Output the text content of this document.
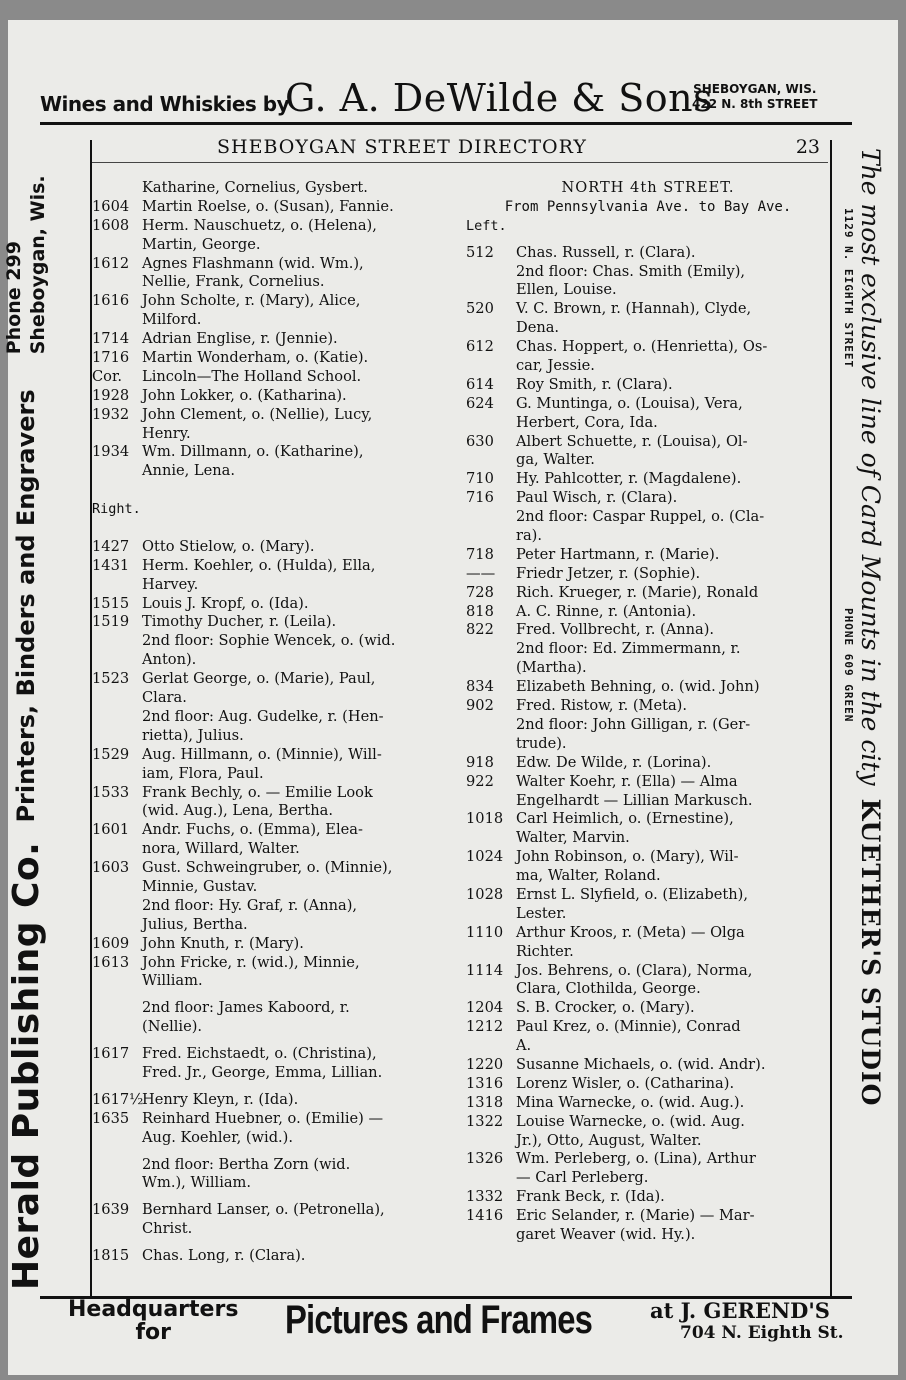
Wines and Whiskies by
G. A. DeWilde & Sons
SHEBOYGAN, WIS.
422 N. 8th STREET
SHEBOYGAN STREET DIRECTORY	23
Katharine, Cornelius, Gysbert.
1604 Martin Roelse, o. (Susan), Fannie.
1608 Herm. Nauschuetz, o. (Helena),
Martin, George.
1612 Agnes Flashmann (wid. Wm.),
Nellie, Frank, Cornelius.
1616 John Scholte, r. (Mary), Alice,
Milford.
1714 Adrian Englise, r. (Jennie).
1716 Martin Wonderham, o. (Katie).
Cor. Lincoln—The Holland School.
1928 John Lokker, o. (Katharina).
1932 John Clement, o. (Nellie), Lucy,
Henry.
1934 Wm. Dillmann, o. (Katharine),
Annie, Lena.
Right.
1427 Otto Stielow, o. (Mary).
1431 Herm. Koehler, o. (Hulda), Ella,
Harvey.
1515 Louis J. Kropf, o. (Ida).
1519 Timothy Ducher, r. (Leila).
2nd floor: Sophie Wencek, o. (wid.
Anton).
1523 Gerlat George, o. (Marie), Paul,
Clara.
2nd floor: Aug. Gudelke, r. (Hen-
rietta), Julius.
1529 Aug. Hillmann, o. (Minnie), Will-
iam, Flora, Paul.
1533 Frank Bechly, o. — Emilie Look
(wid. Aug.), Lena, Bertha.
1601 Andr. Fuchs, o. (Emma), Elea-
nora, Willard, Walter.
1603 Gust. Schweingruber, o. (Minnie),
Minnie, Gustav.
2nd floor: Hy. Graf, r. (Anna),
Julius, Bertha.
1609 John Knuth, r. (Mary).
1613 John Fricke, r. (wid.), Minnie,
William.
2nd floor: James Kaboord, r.
(Nellie).
1617 Fred. Eichstaedt, o. (Christina),
Fred. Jr., George, Emma, Lillian.
1617½Henry Kleyn, r. (Ida).
1635 Reinhard Huebner, o. (Emilie) —
Aug. Koehler, (wid.).
2nd floor: Bertha Zorn (wid.
Wm.), William.
1639 Bernhard Lanser, o. (Petronella),
Christ.
1815 Chas. Long, r. (Clara).
NORTH 4th STREET.
From Pennsylvania Ave. to Bay Ave.
Left.
512 Chas. Russell, r. (Clara).
2nd floor: Chas. Smith (Emily),
Ellen, Louise.
520 V. C. Brown, r. (Hannah), Clyde,
Dena.
612 Chas. Hoppert, o. (Henrietta), Os-
car, Jessie.
614 Roy Smith, r. (Clara).
624 G. Muntinga, o. (Louisa), Vera,
Herbert, Cora, Ida.
630 Albert Schuette, r. (Louisa), Ol-
ga, Walter.
710 Hy. Pahlcotter, r. (Magdalene).
716 Paul Wisch, r. (Clara).
2nd floor: Caspar Ruppel, o. (Cla-
ra).
718 Peter Hartmann, r. (Marie).
—— Friedr Jetzer, r. (Sophie).
728 Rich. Krueger, r. (Marie), Ronald
818 A. C. Rinne, r. (Antonia).
822 Fred. Vollbrecht, r. (Anna).
2nd floor: Ed. Zimmermann, r.
(Martha).
834 Elizabeth Behning, o. (wid. John)
902 Fred. Ristow, r. (Meta).
2nd floor: John Gilligan, r. (Ger-
trude).
918 Edw. De Wilde, r. (Lorina).
922 Walter Koehr, r. (Ella) — Alma
Engelhardt — Lillian Markusch.
1018 Carl Heimlich, o. (Ernestine),
Walter, Marvin.
1024 John Robinson, o. (Mary), Wil-
ma, Walter, Roland.
1028 Ernst L. Slyfield, o. (Elizabeth),
Lester.
1110 Arthur Kroos, r. (Meta) — Olga
Richter.
1114 Jos. Behrens, o. (Clara), Norma,
Clara, Clothilda, George.
1204 S. B. Crocker, o. (Mary).
1212 Paul Krez, o. (Minnie), Conrad
A.
1220 Susanne Michaels, o. (wid. Andr).
1316 Lorenz Wisler, o. (Catharina).
1318 Mina Warnecke, o. (wid. Aug.).
1322 Louise Warnecke, o. (wid. Aug.
Jr.), Otto, August, Walter.
1326 Wm. Perleberg, o. (Lina), Arthur
— Carl Perleberg.
1332 Frank Beck, r. (Ida).
1416 Eric Selander, r. (Marie) — Mar-
garet Weaver (wid. Hy.).
Herald Publishing Co. Printers, Binders and Engravers
Phone 299 Sheboygan, Wis.	The most exclusive line of Card Mounts in the city KUETHER'S STUDIO
1129 N. EIGHTH STREET
PHONE 609 GREEN
Headquarters
for	Pictures and Frames	at J. GEREND'S
704 N. Eighth St.
